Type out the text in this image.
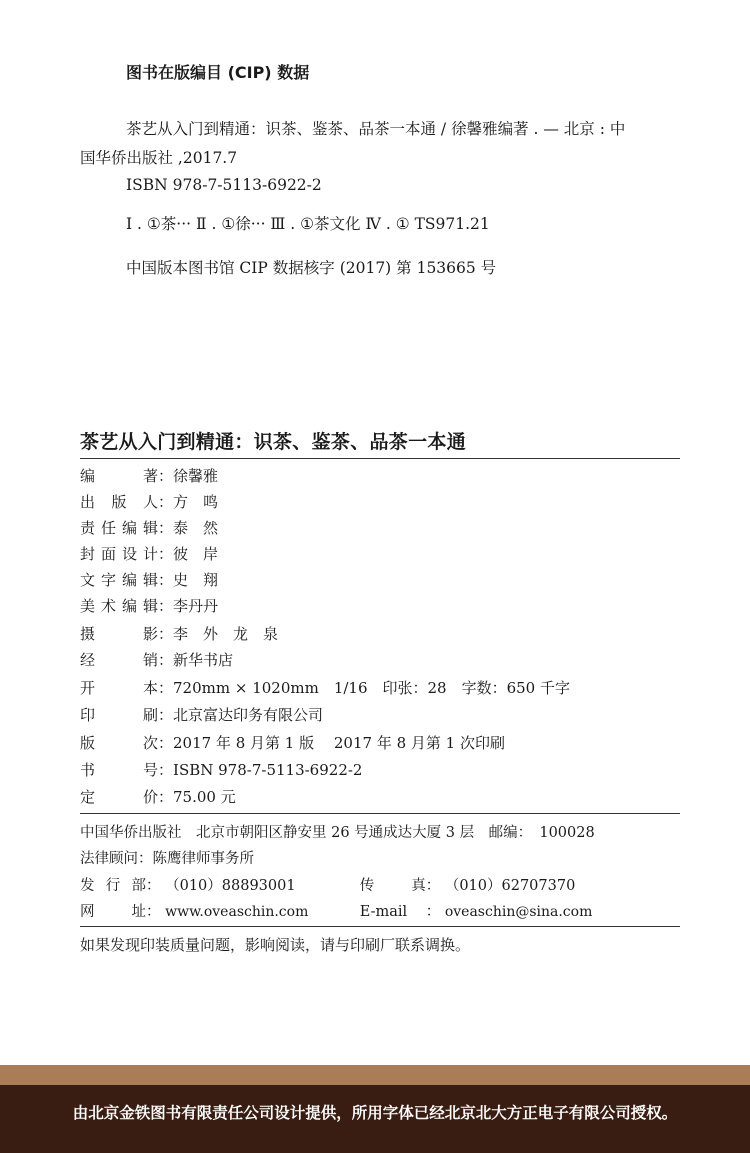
图书在版编目 (CIP) 数据
茶艺从入门到精通：识茶、鉴茶、品茶一本通 / 徐馨雅编著 . — 北京 : 中
国华侨出版社 ,2017.7
ISBN 978-7-5113-6922-2
Ⅰ . ①茶··· Ⅱ . ①徐··· Ⅲ . ①茶文化 Ⅳ . ① TS971.21
中国版本图书馆 CIP 数据核字 (2017) 第 153665 号
茶艺从入门到精通：识茶、鉴茶、品茶一本通
编著：徐馨雅
出版人：方　鸣
责任编辑：泰　然
封面设计：彼　岸
文字编辑：史　翔
美术编辑：李丹丹
摄影：李　外　龙　泉
经销：新华书店
开本：720mm × 1020mm　1/16　印张：28　字数：650 千字
印刷：北京富达印务有限公司
版次：2017 年 8 月第 1 版　 2017 年 8 月第 1 次印刷
书号：ISBN 978-7-5113-6922-2
定价：75.00 元
中国华侨出版社　北京市朝阳区静安里 26 号通成达大厦 3 层　邮编：　100028
法律顾问：陈鹰律师事务所
发行部： （010）88893001	传真： （010）62707370
网址： www.oveaschin.com	E-mail ： oveaschin@sina.com
如果发现印装质量问题，影响阅读，请与印刷厂联系调换。
由北京金铁图书有限责任公司设计提供，所用字体已经北京北大方正电子有限公司授权。
